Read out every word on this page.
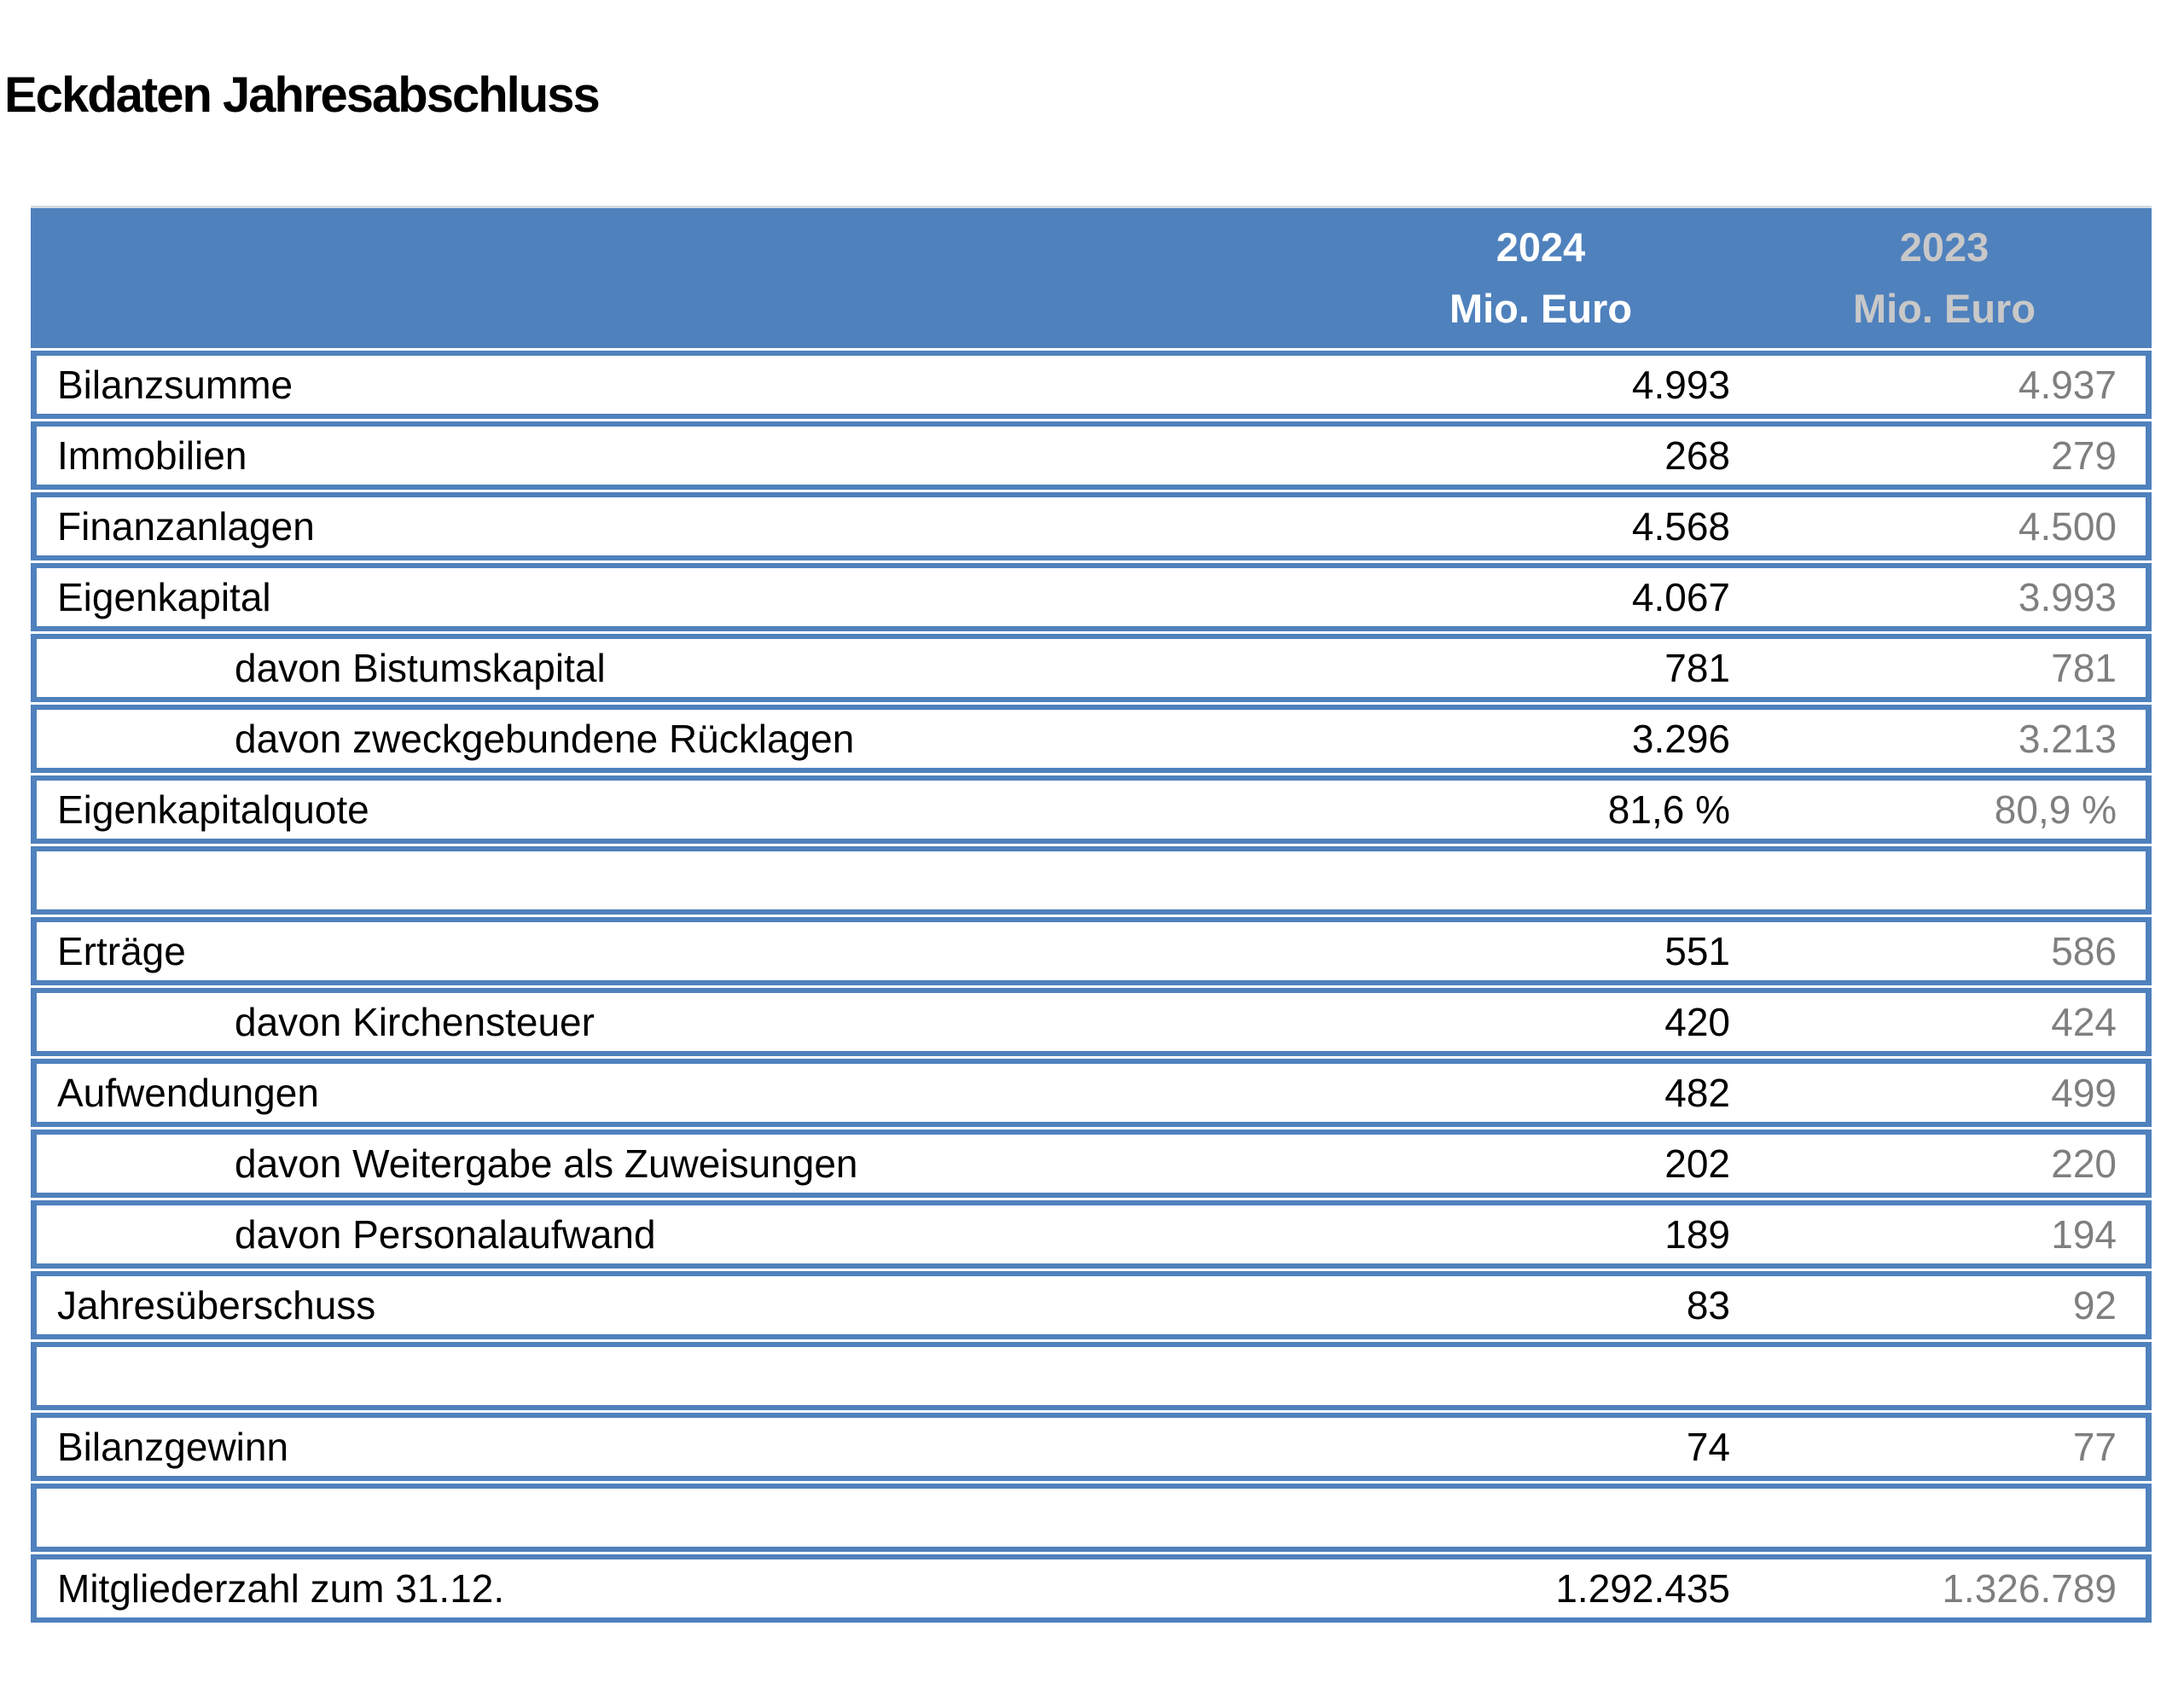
Eckdaten Jahresabschluss

2024
Mio. Euro

2023
Mio. Euro

Bilanzsumme	4.993	4.937
Immobilien	268	279
Finanzanlagen	4.568	4.500
Eigenkapital	4.067	3.993
davon Bistumskapital	781	781
davon zweckgebundene Rücklagen	3.296	3.213
Eigenkapitalquote	81,6 %	80,9 %

Erträge	551	586
davon Kirchensteuer	420	424
Aufwendungen	482	499
davon Weitergabe als Zuweisungen	202	220
davon Personalaufwand	189	194
Jahresüberschuss	83	92

Bilanzgewinn	74	77

Mitgliederzahl zum 31.12.	1.292.435	1.326.789
